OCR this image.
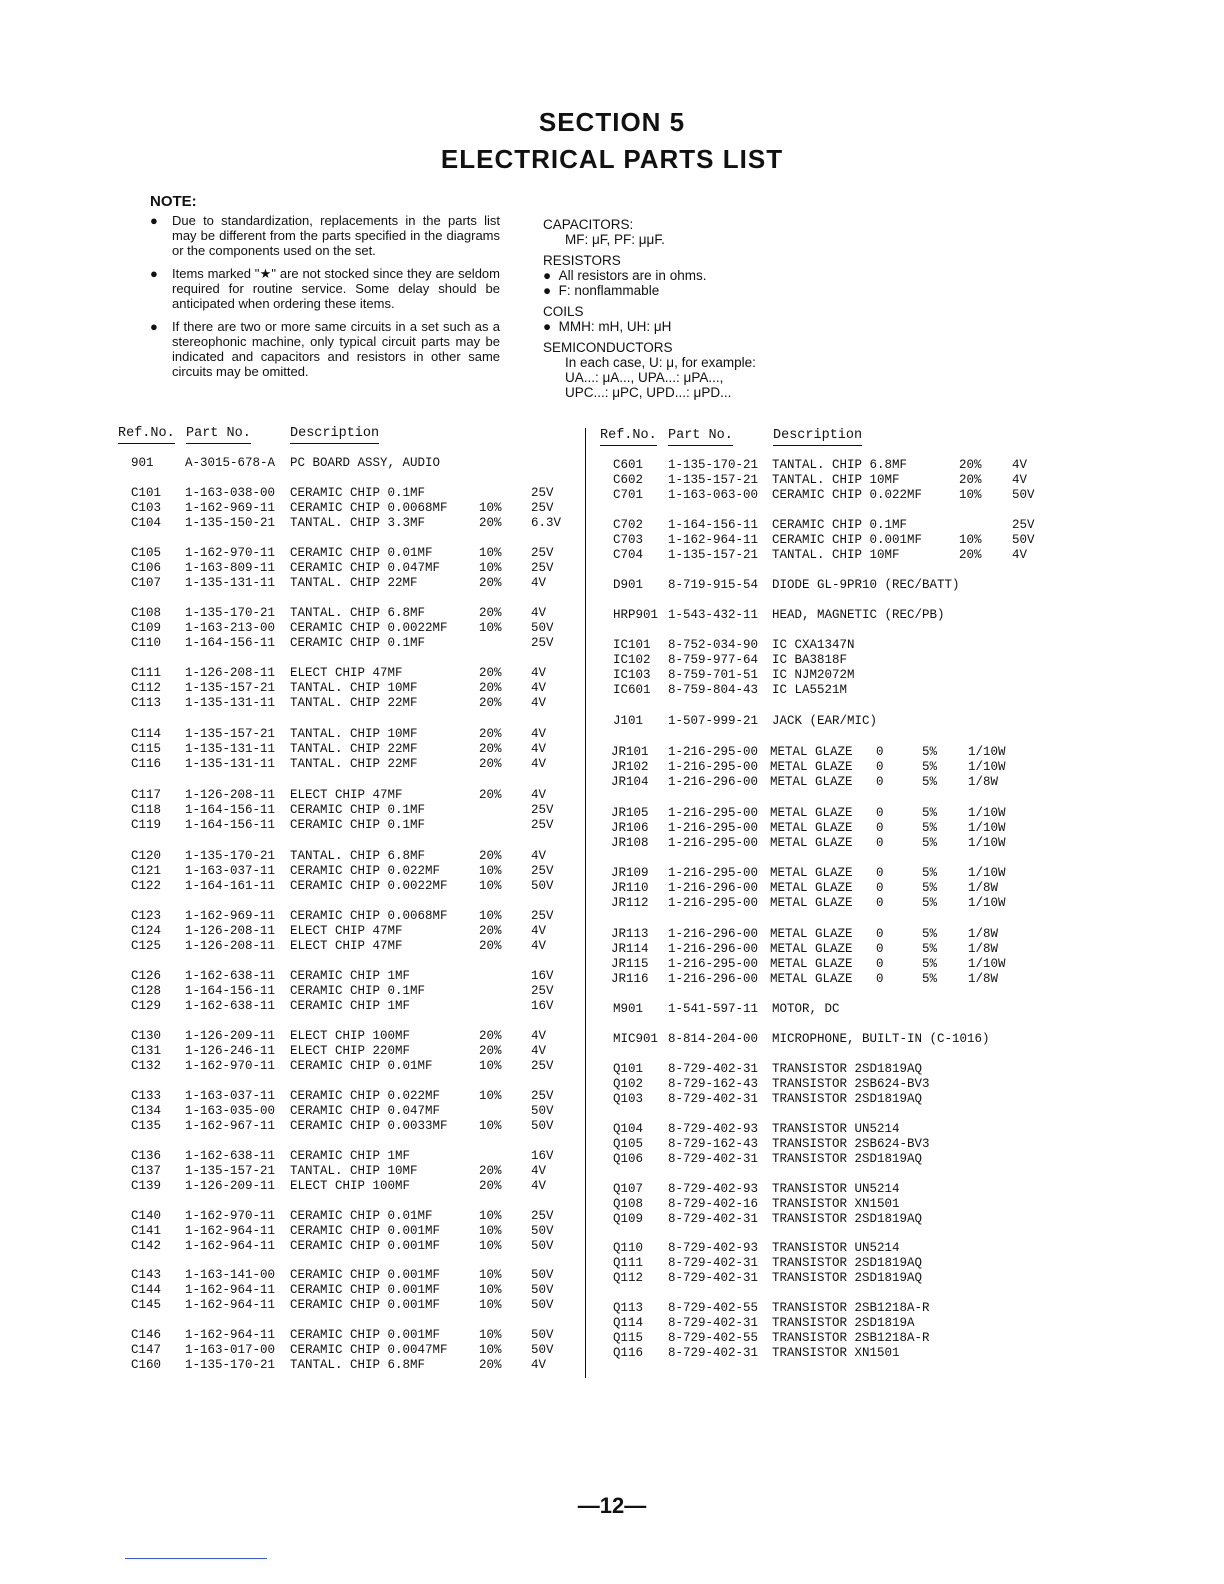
SECTION 5
ELECTRICAL PARTS LIST
NOTE:
● Due to standardization, replacements in the parts list may be different from the parts specified in the diagrams or the components used on the set.
● Items marked "★" are not stocked since they are seldom required for routine service. Some delay should be anticipated when ordering these items.
● If there are two or more same circuits in a set such as a stereophonic machine, only typical circuit parts may be indicated and capacitors and resistors in other same circuits may be omitted.
CAPACITORS:
MF: μF, PF: μμF.
RESISTORS
●  All resistors are in ohms.
●  F: nonflammable
COILS
●  MMH: mH, UH: μH
SEMICONDUCTORS
In each case, U: μ, for example:
UA...: μA..., UPA...: μPA...,
UPC...: μPC, UPD...: μPD...
Ref.No. Part No.	Description	Ref.No. Part No.	Description
901	A-3015-678-A PC BOARD ASSY, AUDIO
C101 1-163-038-00 CERAMIC CHIP 0.1MF	25V
C103 1-162-969-11 CERAMIC CHIP 0.0068MF	10% 25V
C104 1-135-150-21 TANTAL. CHIP 3.3MF	20% 6.3V
C105 1-162-970-11 CERAMIC CHIP 0.01MF	10% 25V
C106 1-163-809-11 CERAMIC CHIP 0.047MF	10% 25V
C107 1-135-131-11 TANTAL. CHIP 22MF	20% 4V
C108 1-135-170-21 TANTAL. CHIP 6.8MF	20% 4V
C109 1-163-213-00 CERAMIC CHIP 0.0022MF	10% 50V
C110 1-164-156-11 CERAMIC CHIP 0.1MF	25V
C111 1-126-208-11 ELECT CHIP 47MF	20% 4V
C112 1-135-157-21 TANTAL. CHIP 10MF	20% 4V
C113 1-135-131-11 TANTAL. CHIP 22MF	20% 4V
C114 1-135-157-21 TANTAL. CHIP 10MF	20% 4V
C115 1-135-131-11 TANTAL. CHIP 22MF	20% 4V
C116 1-135-131-11 TANTAL. CHIP 22MF	20% 4V
C117 1-126-208-11 ELECT CHIP 47MF	20% 4V
C118 1-164-156-11 CERAMIC CHIP 0.1MF	25V
C119 1-164-156-11 CERAMIC CHIP 0.1MF	25V
C120 1-135-170-21 TANTAL. CHIP 6.8MF	20% 4V
C121 1-163-037-11 CERAMIC CHIP 0.022MF	10% 25V
C122 1-164-161-11 CERAMIC CHIP 0.0022MF	10% 50V
C123 1-162-969-11 CERAMIC CHIP 0.0068MF	10% 25V
C124 1-126-208-11 ELECT CHIP 47MF	20% 4V
C125 1-126-208-11 ELECT CHIP 47MF	20% 4V
C126 1-162-638-11 CERAMIC CHIP 1MF	16V
C128 1-164-156-11 CERAMIC CHIP 0.1MF	25V
C129 1-162-638-11 CERAMIC CHIP 1MF	16V
C130 1-126-209-11 ELECT CHIP 100MF	20% 4V
C131 1-126-246-11 ELECT CHIP 220MF	20% 4V
C132 1-162-970-11 CERAMIC CHIP 0.01MF	10% 25V
C133 1-163-037-11 CERAMIC CHIP 0.022MF	10% 25V
C134 1-163-035-00 CERAMIC CHIP 0.047MF	50V
C135 1-162-967-11 CERAMIC CHIP 0.0033MF	10% 50V
C136 1-162-638-11 CERAMIC CHIP 1MF	16V
C137 1-135-157-21 TANTAL. CHIP 10MF	20% 4V
C139 1-126-209-11 ELECT CHIP 100MF	20% 4V
C140 1-162-970-11 CERAMIC CHIP 0.01MF	10% 25V
C141 1-162-964-11 CERAMIC CHIP 0.001MF	10% 50V
C142 1-162-964-11 CERAMIC CHIP 0.001MF	10% 50V
C143 1-163-141-00 CERAMIC CHIP 0.001MF	10% 50V
C144 1-162-964-11 CERAMIC CHIP 0.001MF	10% 50V
C145 1-162-964-11 CERAMIC CHIP 0.001MF	10% 50V
C146 1-162-964-11 CERAMIC CHIP 0.001MF	10% 50V
C147 1-163-017-00 CERAMIC CHIP 0.0047MF	10% 50V
C160 1-135-170-21 TANTAL. CHIP 6.8MF	20% 4V
C601 1-135-170-21 TANTAL. CHIP 6.8MF	20% 4V
C602 1-135-157-21 TANTAL. CHIP 10MF	20% 4V
C701 1-163-063-00 CERAMIC CHIP 0.022MF	10% 50V
C702 1-164-156-11 CERAMIC CHIP 0.1MF	25V
C703 1-162-964-11 CERAMIC CHIP 0.001MF	10% 50V
C704 1-135-157-21 TANTAL. CHIP 10MF	20% 4V
D901 8-719-915-54 DIODE GL-9PR10 (REC/BATT)
HRP901 1-543-432-11 HEAD, MAGNETIC (REC/PB)
IC101 8-752-034-90 IC CXA1347N
IC102 8-759-977-64 IC BA3818F
IC103 8-759-701-51 IC NJM2072M
IC601 8-759-804-43 IC LA5521M
J101 1-507-999-21 JACK (EAR/MIC)
JR101 1-216-295-00 METAL GLAZE 0	5% 1/10W
JR102 1-216-295-00 METAL GLAZE 0	5% 1/10W
JR104 1-216-296-00 METAL GLAZE 0	5% 1/8W
JR105 1-216-295-00 METAL GLAZE 0	5% 1/10W
JR106 1-216-295-00 METAL GLAZE 0	5% 1/10W
JR108 1-216-295-00 METAL GLAZE 0	5% 1/10W
JR109 1-216-295-00 METAL GLAZE 0	5% 1/10W
JR110 1-216-296-00 METAL GLAZE 0	5% 1/8W
JR112 1-216-295-00 METAL GLAZE 0	5% 1/10W
JR113 1-216-296-00 METAL GLAZE 0	5% 1/8W
JR114 1-216-296-00 METAL GLAZE 0	5% 1/8W
JR115 1-216-295-00 METAL GLAZE 0	5% 1/10W
JR116 1-216-296-00 METAL GLAZE 0	5% 1/8W
M901 1-541-597-11 MOTOR, DC
MIC901 8-814-204-00 MICROPHONE, BUILT-IN (C-1016)
Q101 8-729-402-31 TRANSISTOR 2SD1819AQ
Q102 8-729-162-43 TRANSISTOR 2SB624-BV3
Q103 8-729-402-31 TRANSISTOR 2SD1819AQ
Q104 8-729-402-93 TRANSISTOR UN5214
Q105 8-729-162-43 TRANSISTOR 2SB624-BV3
Q106 8-729-402-31 TRANSISTOR 2SD1819AQ
Q107 8-729-402-93 TRANSISTOR UN5214
Q108 8-729-402-16 TRANSISTOR XN1501
Q109 8-729-402-31 TRANSISTOR 2SD1819AQ
Q110 8-729-402-93 TRANSISTOR UN5214
Q111 8-729-402-31 TRANSISTOR 2SD1819AQ
Q112 8-729-402-31 TRANSISTOR 2SD1819AQ
Q113 8-729-402-55 TRANSISTOR 2SB1218A-R
Q114 8-729-402-31 TRANSISTOR 2SD1819A
Q115 8-729-402-55 TRANSISTOR 2SB1218A-R
Q116 8-729-402-31 TRANSISTOR XN1501
—12—
